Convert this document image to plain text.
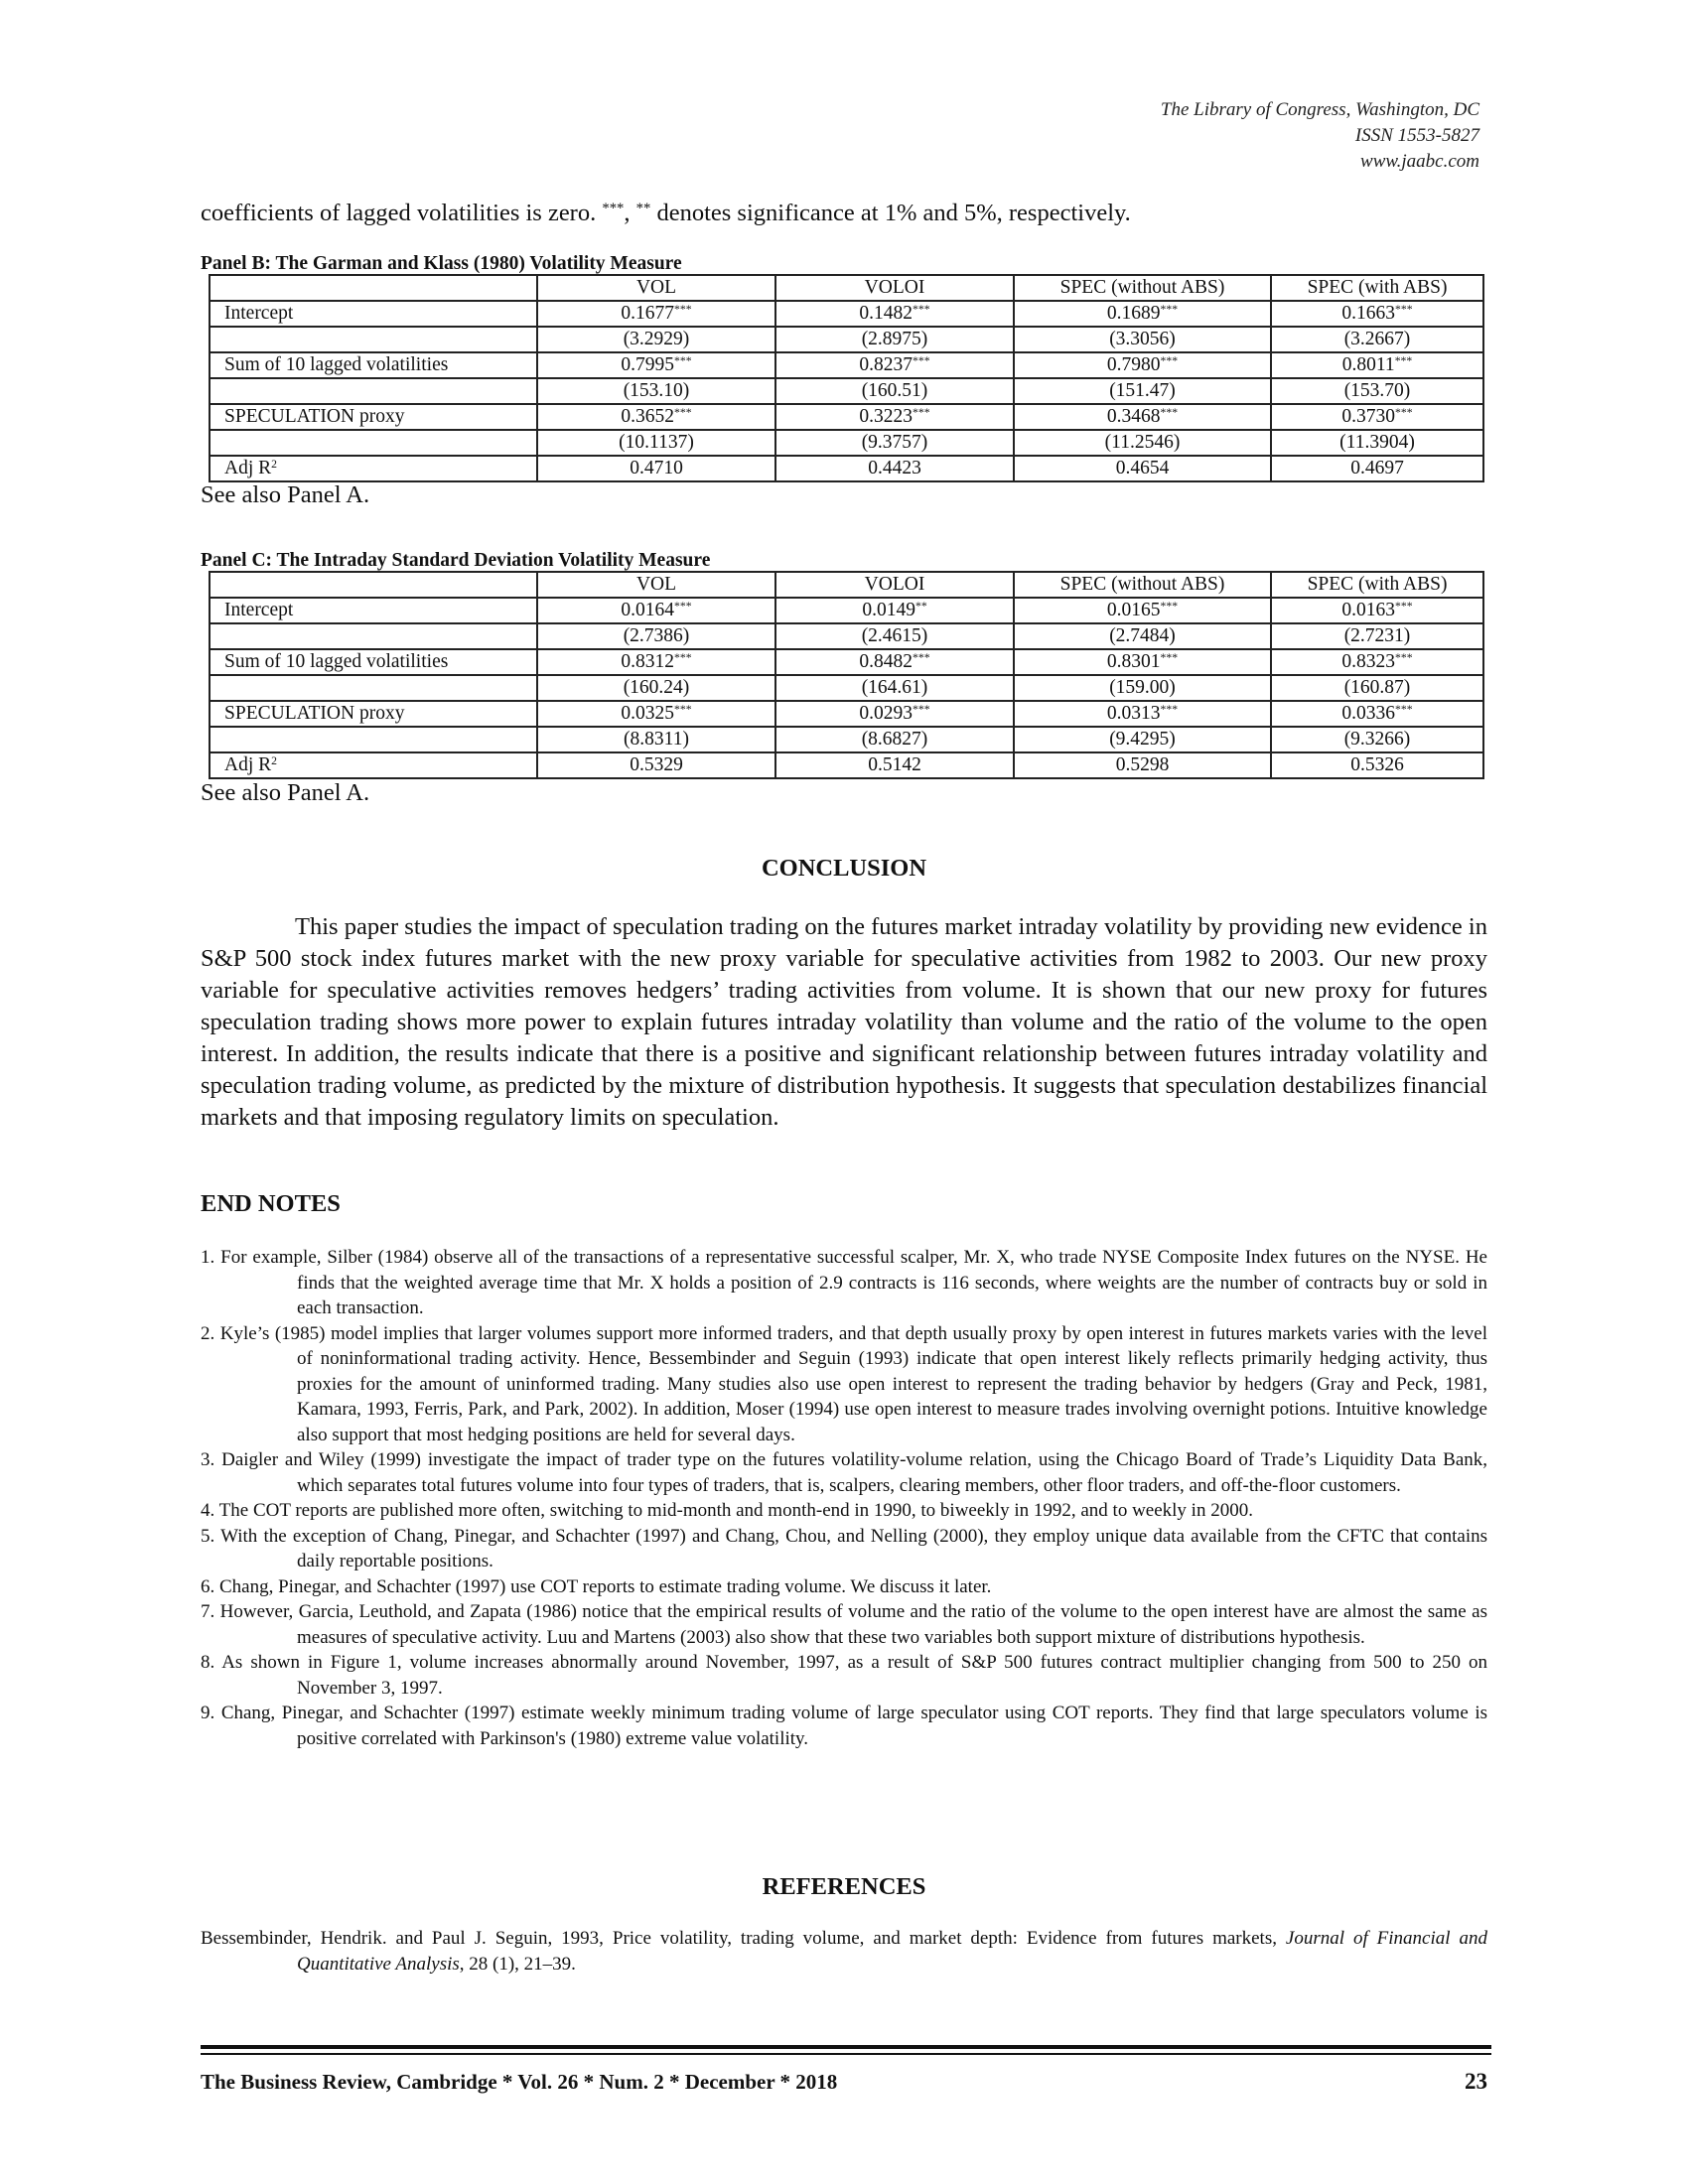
The Library of Congress, Washington, DC
ISSN 1553-5827
www.jaabc.com
coefficients of lagged volatilities is zero. ***, ** denotes significance at 1% and 5%, respectively.
Panel B: The Garman and Klass (1980) Volatility Measure
	VOL	VOLOI	SPEC (without ABS)	SPEC (with ABS)
Intercept	0.1677***	0.1482***	0.1689***	0.1663***
	(3.2929)	(2.8975)	(3.3056)	(3.2667)
Sum of 10 lagged volatilities	0.7995***	0.8237***	0.7980***	0.8011***
	(153.10)	(160.51)	(151.47)	(153.70)
SPECULATION proxy	0.3652***	0.3223***	0.3468***	0.3730***
	(10.1137)	(9.3757)	(11.2546)	(11.3904)
Adj $R^2$	0.4710	0.4423	0.4654	0.4697
See also Panel A.
Panel C: The Intraday Standard Deviation Volatility Measure
	VOL	VOLOI	SPEC (without ABS)	SPEC (with ABS)
Intercept	0.0164***	0.0149**	0.0165***	0.0163***
	(2.7386)	(2.4615)	(2.7484)	(2.7231)
Sum of 10 lagged volatilities	0.8312***	0.8482***	0.8301***	0.8323***
	(160.24)	(164.61)	(159.00)	(160.87)
SPECULATION proxy	0.0325***	0.0293***	0.0313***	0.0336***
	(8.8311)	(8.6827)	(9.4295)	(9.3266)
Adj $R^2$	0.5329	0.5142	0.5298	0.5326
See also Panel A.
CONCLUSION
This paper studies the impact of speculation trading on the futures market intraday volatility by providing new evidence in S&P 500 stock index futures market with the new proxy variable for speculative activities from 1982 to 2003. Our new proxy variable for speculative activities removes hedgers’ trading activities from volume. It is shown that our new proxy for futures speculation trading shows more power to explain futures intraday volatility than volume and the ratio of the volume to the open interest. In addition, the results indicate that there is a positive and significant relationship between futures intraday volatility and speculation trading volume, as predicted by the mixture of distribution hypothesis. It suggests that speculation destabilizes financial markets and that imposing regulatory limits on speculation.
END NOTES

1. For example, Silber (1984) observe all of the transactions of a representative successful scalper, Mr. X, who trade NYSE Composite Index futures on the NYSE. He finds that the weighted average time that Mr. X holds a position of 2.9 contracts is 116 seconds, where weights are the number of contracts buy or sold in each transaction.

2. Kyle’s (1985) model implies that larger volumes support more informed traders, and that depth usually proxy by open interest in futures markets varies with the level of noninformational trading activity. Hence, Bessembinder and Seguin (1993) indicate that open interest likely reflects primarily hedging activity, thus proxies for the amount of uninformed trading. Many studies also use open interest to represent the trading behavior by hedgers (Gray and Peck, 1981, Kamara, 1993, Ferris, Park, and Park, 2002). In addition, Moser (1994) use open interest to measure trades involving overnight potions. Intuitive knowledge also support that most hedging positions are held for several days.

3. Daigler and Wiley (1999) investigate the impact of trader type on the futures volatility-volume relation, using the Chicago Board of Trade’s Liquidity Data Bank, which separates total futures volume into four types of traders, that is, scalpers, clearing members, other floor traders, and off-the-floor customers.

4. The COT reports are published more often, switching to mid-month and month-end in 1990, to biweekly in 1992, and to weekly in 2000.

5. With the exception of Chang, Pinegar, and Schachter (1997) and Chang, Chou, and Nelling (2000), they employ unique data available from the CFTC that contains daily reportable positions.

6. Chang, Pinegar, and Schachter (1997) use COT reports to estimate trading volume. We discuss it later.

7. However, Garcia, Leuthold, and Zapata (1986) notice that the empirical results of volume and the ratio of the volume to the open interest have are almost the same as measures of speculative activity. Luu and Martens (2003) also show that these two variables both support mixture of distributions hypothesis.

8. As shown in Figure 1, volume increases abnormally around November, 1997, as a result of S&P 500 futures contract multiplier changing from 500 to 250 on November 3, 1997.

9. Chang, Pinegar, and Schachter (1997) estimate weekly minimum trading volume of large speculator using COT reports. They find that large speculators volume is positive correlated with Parkinson's (1980) extreme value volatility.

REFERENCES

Bessembinder, Hendrik. and Paul J. Seguin, 1993, Price volatility, trading volume, and market depth: Evidence from futures markets, Journal of Financial and Quantitative Analysis, 28 (1), 21–39.

The Business Review, Cambridge * Vol. 26 * Num. 2 * December * 2018	23
